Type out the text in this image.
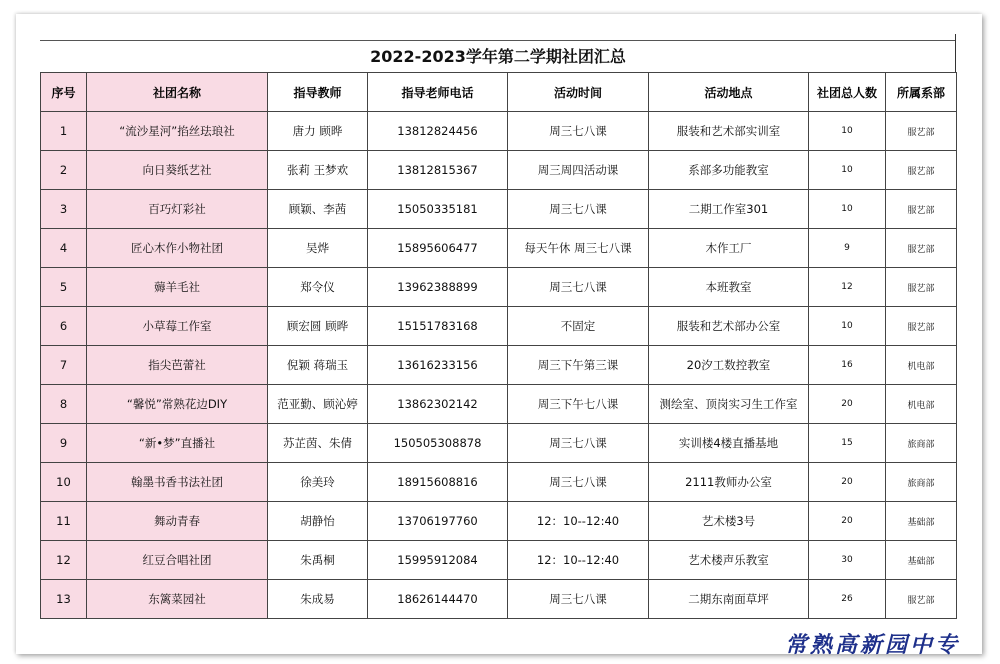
2022-2023学年第二学期社团汇总
序号	社团名称	指导教师	指导老师电话	活动时间	活动地点	社团总人数	所属系部
1	“流沙星河”掐丝珐琅社	唐力 顾晔	13812824456	周三七八课	服装和艺术部实训室	10	服艺部
2	向日葵纸艺社	张莉 王梦欢	13812815367	周三周四活动课	系部多功能教室	10	服艺部
3	百巧灯彩社	顾颖、李茜	15050335181	周三七八课	二期工作室301	10	服艺部
4	匠心木作小物社团	吴烨	15895606477	每天午休 周三七八课	木作工厂	9	服艺部
5	薅羊毛社	郑令仪	13962388899	周三七八课	本班教室	12	服艺部
6	小草莓工作室	顾宏圆 顾晔	15151783168	不固定	服装和艺术部办公室	10	服艺部
7	指尖芭蕾社	倪颖 蒋瑞玉	13616233156	周三下午第三课	20汐工数控教室	16	机电部
8	“馨悦”常熟花边DIY	范亚勤、顾沁婷	13862302142	周三下午七八课	测绘室、顶岗实习生工作室	20	机电部
9	“新•梦”直播社	苏芷茵、朱倩	150505308878	周三七八课	实训楼4楼直播基地	15	旅商部
10	翰墨书香书法社团	徐美玲	18915608816	周三七八课	2111教师办公室	20	旅商部
11	舞动青春	胡静怡	13706197760	12：10--12:40	艺术楼3号	20	基础部
12	红豆合唱社团	朱禹桐	15995912084	12：10--12:40	艺术楼声乐教室	30	基础部
13	东篱菜园社	朱成易	18626144470	周三七八课	二期东南面草坪	26	服艺部
常熟高新园中专
